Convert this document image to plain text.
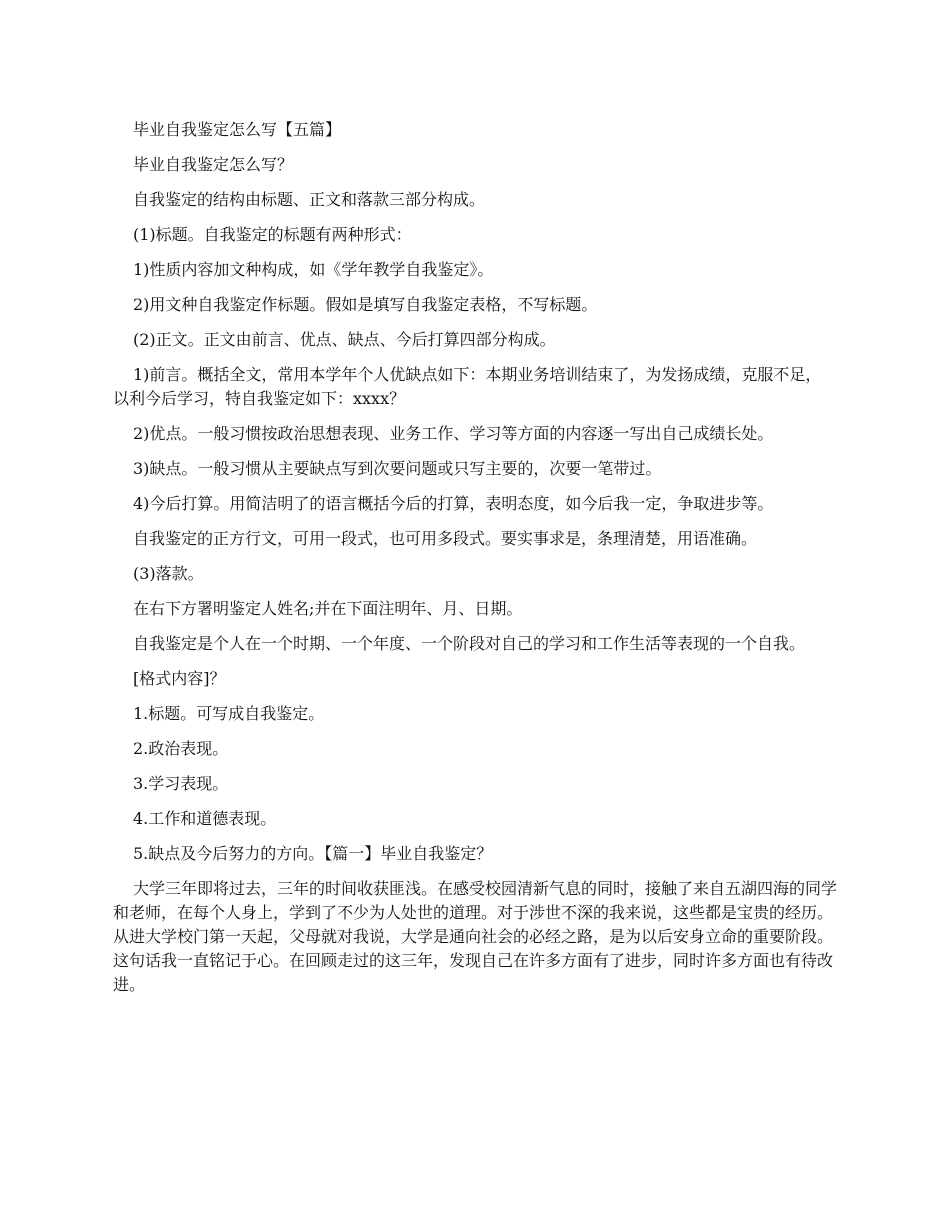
毕业自我鉴定怎么写【五篇】

毕业自我鉴定怎么写？

自我鉴定的结构由标题、正文和落款三部分构成。

(1)标题。自我鉴定的标题有两种形式：

1)性质内容加文种构成，如《学年教学自我鉴定》。

2)用文种自我鉴定作标题。假如是填写自我鉴定表格，不写标题。

(2)正文。正文由前言、优点、缺点、今后打算四部分构成。

1)前言。概括全文，常用本学年个人优缺点如下：本期业务培训结束了，为发扬成绩，克服不足，以利今后学习，特自我鉴定如下：xxxx？

2)优点。一般习惯按政治思想表现、业务工作、学习等方面的内容逐一写出自己成绩长处。

3)缺点。一般习惯从主要缺点写到次要问题或只写主要的，次要一笔带过。

4)今后打算。用简洁明了的语言概括今后的打算，表明态度，如今后我一定，争取进步等。

自我鉴定的正方行文，可用一段式，也可用多段式。要实事求是，条理清楚，用语准确。

(3)落款。

在右下方署明鉴定人姓名;并在下面注明年、月、日期。

自我鉴定是个人在一个时期、一个年度、一个阶段对自己的学习和工作生活等表现的一个自我。

[格式内容]？

1.标题。可写成自我鉴定。

2.政治表现。

3.学习表现。

4.工作和道德表现。

5.缺点及今后努力的方向。【篇一】毕业自我鉴定？

大学三年即将过去，三年的时间收获匪浅。在感受校园清新气息的同时，接触了来自五湖四海的同学和老师，在每个人身上，学到了不少为人处世的道理。对于涉世不深的我来说，这些都是宝贵的经历。从进大学校门第一天起，父母就对我说，大学是通向社会的必经之路，是为以后安身立命的重要阶段。这句话我一直铭记于心。在回顾走过的这三年，发现自己在许多方面有了进步，同时许多方面也有待改进。
